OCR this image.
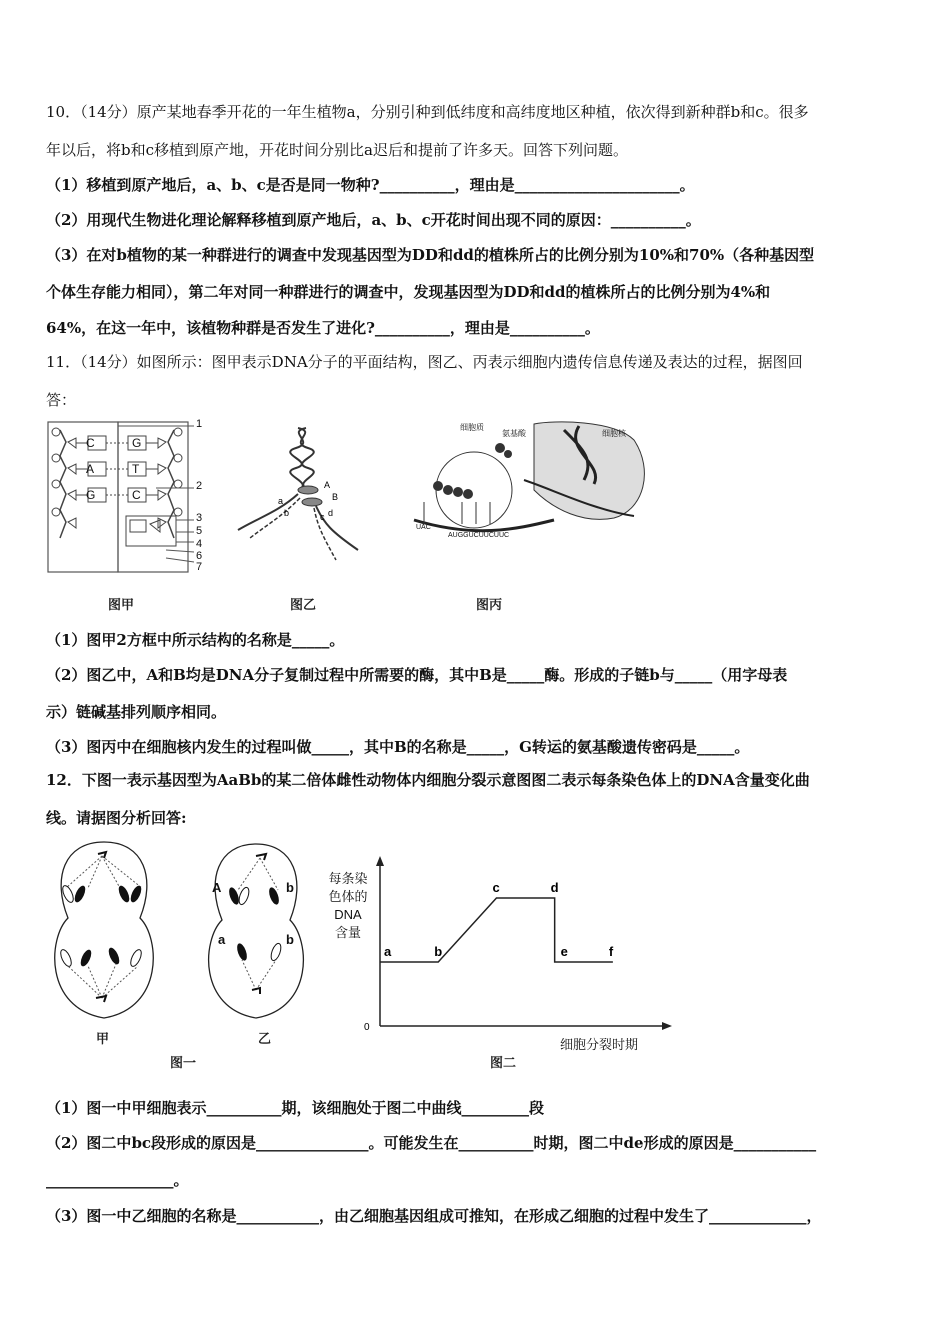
10．（14分）原产某地春季开花的一年生植物a，分别引种到低纬度和高纬度地区种植，依次得到新种群b和c。很多
年以后，将b和c移植到原产地，开花时间分别比a迟后和提前了许多天。回答下列问题。
（1）移植到原产地后，a、b、c是否是同一物种?__________，理由是______________________。
（2）用现代生物进化理论解释移植到原产地后，a、b、c开花时间出现不同的原因：__________。
（3）在对b植物的某一种群进行的调查中发现基因型为DD和dd的植株所占的比例分别为10%和70%（各种基因型
个体生存能力相同），第二年对同一种群进行的调查中，发现基因型为DD和dd的植株所占的比例分别为4%和
64%，在这一年中，该植物种群是否发生了进化?__________，理由是__________。
11．（14分）如图所示：图甲表示DNA分子的平面结构，图乙、丙表示细胞内遗传信息传递及表达的过程，据图回
答：
C
A
G
G
T
C
1
2
3
5
4
6
7
图甲
A
B
a
b	c d
图乙
细胞质
氨基酸	细胞核
UAC
AUGGUCUUCUUC
图丙
（1）图甲2方框中所示结构的名称是_____。
（2）图乙中，A和B均是DNA分子复制过程中所需要的酶，其中B是_____酶。形成的子链b与_____（用字母表
示）链碱基排列顺序相同。
（3）图丙中在细胞核内发生的过程叫做_____，其中B的名称是_____，G转运的氨基酸遗传密码是_____。
12．下图一表示基因型为AaBb的某二倍体雌性动物体内细胞分裂示意图图二表示每条染色体上的DNA含量变化曲
线。请据图分析回答:
甲
A	b
a	b
乙
图一
每条染色体的DNA含量
0
a	b
c	d
e	f
细胞分裂时期
图二
（1）图一中甲细胞表示__________期，该细胞处于图二中曲线_________段
（2）图二中bc段形成的原因是_______________。可能发生在__________时期，图二中de形成的原因是___________
_________________。
（3）图一中乙细胞的名称是___________，由乙细胞基因组成可推知，在形成乙细胞的过程中发生了_____________，
